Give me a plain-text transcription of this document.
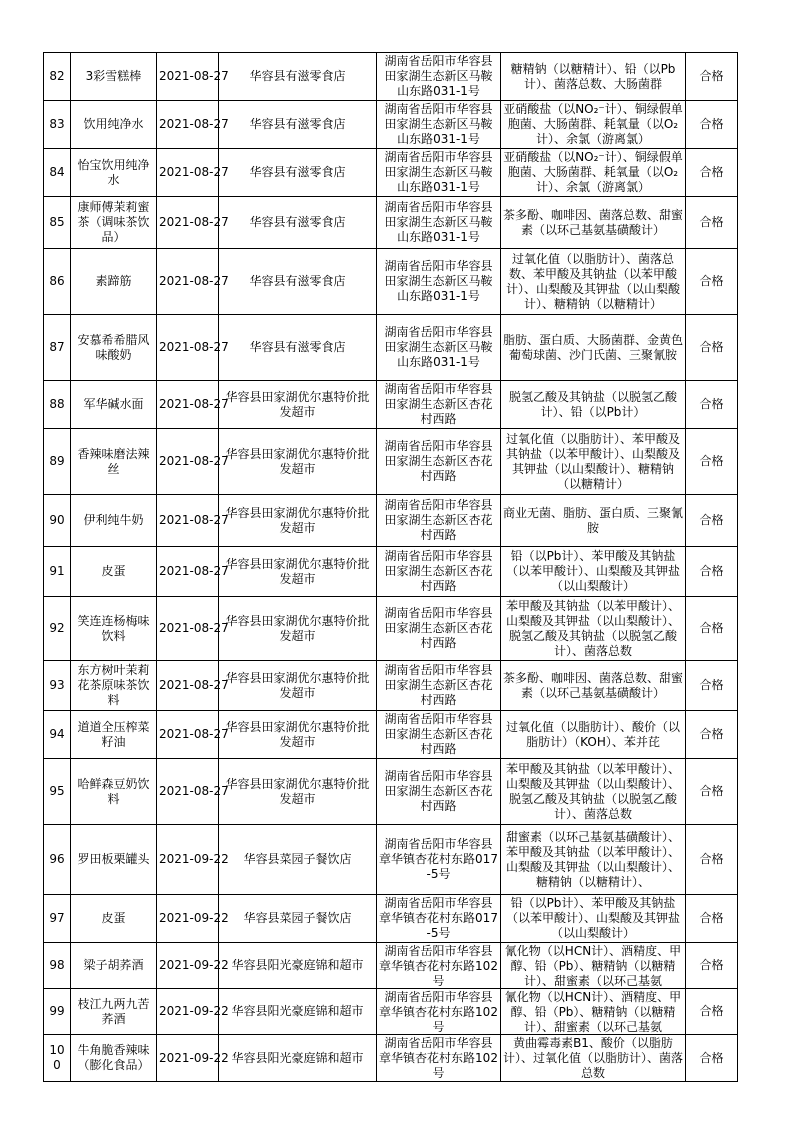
82	3彩雪糕棒	2021-08-27	华容县有滋零食店	湖南省岳阳市华容县田家湖生态新区马鞍山东路031-1号	糖精钠（以糖精计）、铅（以Pb计）、菌落总数、大肠菌群	合格

83	饮用纯净水	2021-08-27	华容县有滋零食店	湖南省岳阳市华容县田家湖生态新区马鞍山东路031-1号	亚硝酸盐（以NO₂⁻计）、铜绿假单胞菌、大肠菌群、耗氧量（以O₂计）、余氯（游离氯）	合格

84	怡宝饮用纯净水	2021-08-27	华容县有滋零食店	湖南省岳阳市华容县田家湖生态新区马鞍山东路031-1号	亚硝酸盐（以NO₂⁻计）、铜绿假单胞菌、大肠菌群、耗氧量（以O₂计）、余氯（游离氯）	合格

85	康师傅茉莉蜜茶（调味茶饮品）	2021-08-27	华容县有滋零食店	湖南省岳阳市华容县田家湖生态新区马鞍山东路031-1号	茶多酚、咖啡因、菌落总数、甜蜜素（以环己基氨基磺酸计）	合格

86	素蹄筋	2021-08-27	华容县有滋零食店	湖南省岳阳市华容县田家湖生态新区马鞍山东路031-1号	过氧化值（以脂肪计）、菌落总数、苯甲酸及其钠盐（以苯甲酸计）、山梨酸及其钾盐（以山梨酸计）、糖精钠（以糖精计）	合格

87	安慕希希腊风味酸奶	2021-08-27	华容县有滋零食店	湖南省岳阳市华容县田家湖生态新区马鞍山东路031-1号	脂肪、蛋白质、大肠菌群、金黄色葡萄球菌、沙门氏菌、三聚氰胺	合格

88	军华碱水面	2021-08-27	华容县田家湖优尔惠特价批发超市	湖南省岳阳市华容县田家湖生态新区杏花村西路	脱氢乙酸及其钠盐（以脱氢乙酸计）、铅（以Pb计）	合格

89	香辣味磨法辣丝	2021-08-27	华容县田家湖优尔惠特价批发超市	湖南省岳阳市华容县田家湖生态新区杏花村西路	过氧化值（以脂肪计）、苯甲酸及其钠盐（以苯甲酸计）、山梨酸及其钾盐（以山梨酸计）、糖精钠（以糖精计）	合格

90	伊利纯牛奶	2021-08-27	华容县田家湖优尔惠特价批发超市	湖南省岳阳市华容县田家湖生态新区杏花村西路	商业无菌、脂肪、蛋白质、三聚氰胺	合格

91	皮蛋	2021-08-27	华容县田家湖优尔惠特价批发超市	湖南省岳阳市华容县田家湖生态新区杏花村西路	铅（以Pb计）、苯甲酸及其钠盐（以苯甲酸计）、山梨酸及其钾盐（以山梨酸计）	合格

92	笑连连杨梅味饮料	2021-08-27	华容县田家湖优尔惠特价批发超市	湖南省岳阳市华容县田家湖生态新区杏花村西路	苯甲酸及其钠盐（以苯甲酸计）、山梨酸及其钾盐（以山梨酸计）、脱氢乙酸及其钠盐（以脱氢乙酸计）、菌落总数	合格

93	东方树叶茉莉花茶原味茶饮料	2021-08-27	华容县田家湖优尔惠特价批发超市	湖南省岳阳市华容县田家湖生态新区杏花村西路	茶多酚、咖啡因、菌落总数、甜蜜素（以环己基氨基磺酸计）	合格

94	道道全压榨菜籽油	2021-08-27	华容县田家湖优尔惠特价批发超市	湖南省岳阳市华容县田家湖生态新区杏花村西路	过氧化值（以脂肪计）、酸价（以脂肪计）（KOH）、苯并芘	合格

95	哈鲜森豆奶饮料	2021-08-27	华容县田家湖优尔惠特价批发超市	湖南省岳阳市华容县田家湖生态新区杏花村西路	苯甲酸及其钠盐（以苯甲酸计）、山梨酸及其钾盐（以山梨酸计）、脱氢乙酸及其钠盐（以脱氢乙酸计）、菌落总数	合格

96	罗田板栗罐头	2021-09-22	华容县菜园子餐饮店	湖南省岳阳市华容县章华镇杏花村东路017-5号	甜蜜素（以环己基氨基磺酸计）、苯甲酸及其钠盐（以苯甲酸计）、山梨酸及其钾盐（以山梨酸计）、糖精钠（以糖精计）、	合格

97	皮蛋	2021-09-22	华容县菜园子餐饮店	湖南省岳阳市华容县章华镇杏花村东路017-5号	铅（以Pb计）、苯甲酸及其钠盐（以苯甲酸计）、山梨酸及其钾盐（以山梨酸计）	合格

98	梁子胡荞酒	2021-09-22	华容县阳光豪庭锦和超市	湖南省岳阳市华容县章华镇杏花村东路102号	氰化物（以HCN计）、酒精度、甲醇、铅（Pb）、糖精钠（以糖精计）、甜蜜素（以环己基氨	合格

99	枝江九两九苦荞酒	2021-09-22	华容县阳光豪庭锦和超市	湖南省岳阳市华容县章华镇杏花村东路102号	氰化物（以HCN计）、酒精度、甲醇、铅（Pb）、糖精钠（以糖精计）、甜蜜素（以环己基氨	合格

100	牛角脆香辣味（膨化食品）	2021-09-22	华容县阳光豪庭锦和超市	湖南省岳阳市华容县章华镇杏花村东路102号	黄曲霉毒素B1、酸价（以脂肪计）、过氧化值（以脂肪计）、菌落总数	合格
